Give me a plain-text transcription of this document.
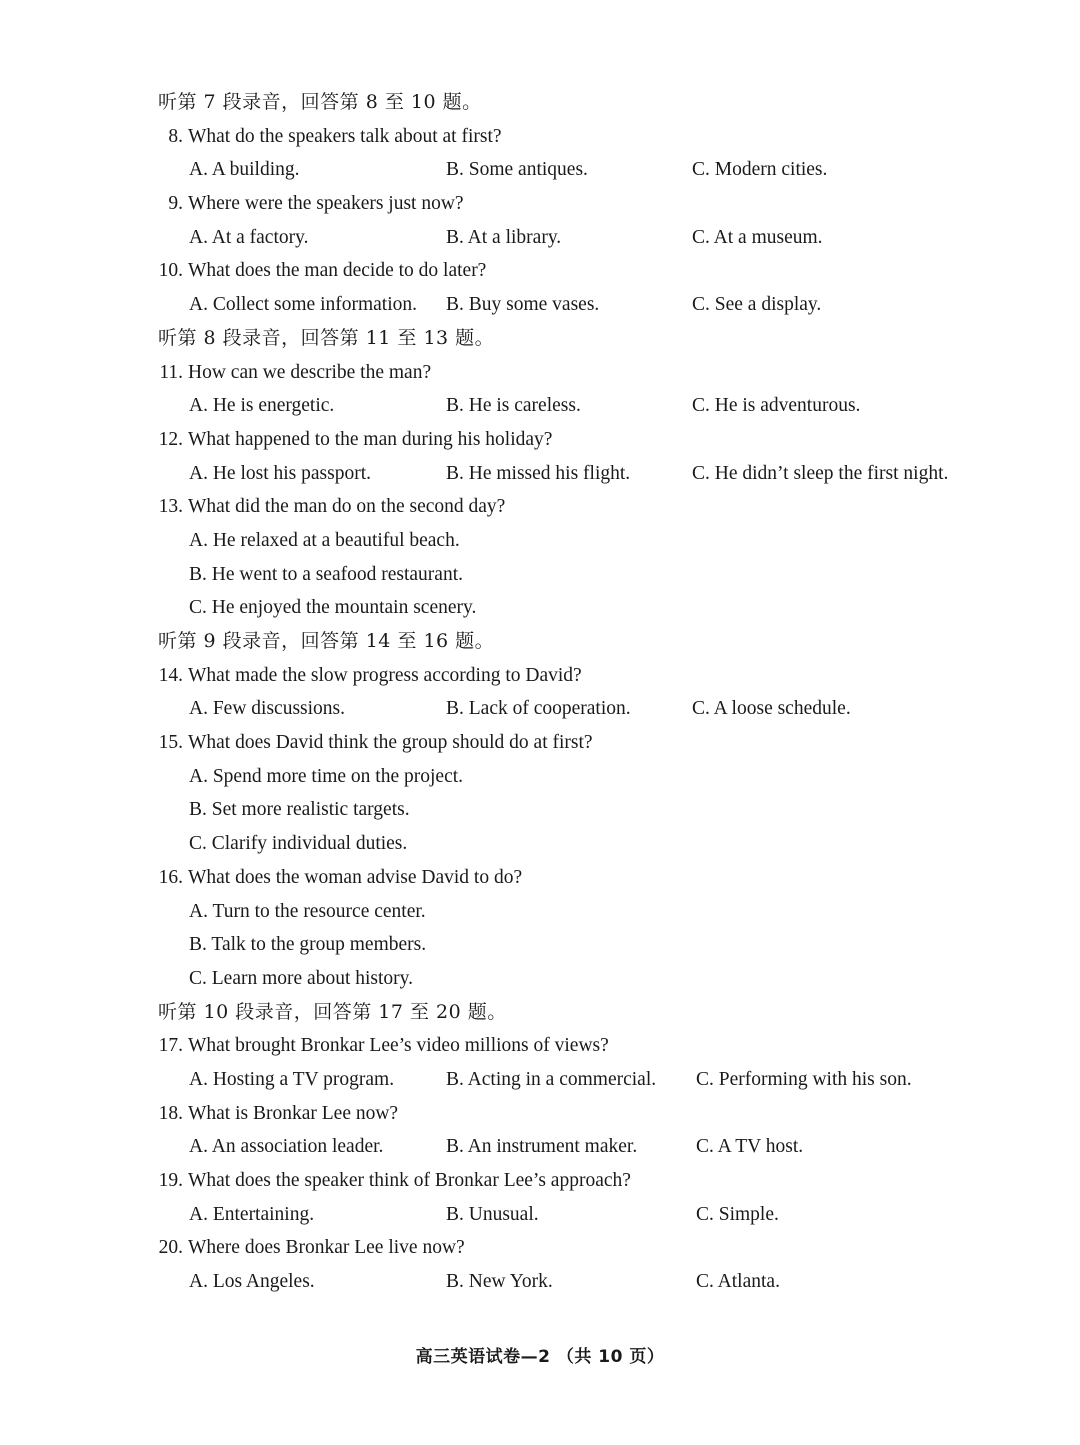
听第 7 段录音，回答第 8 至 10 题。
8. What do the speakers talk about at first?
A. A building.	B. Some antiques.	C. Modern cities.
9. Where were the speakers just now?
A. At a factory.	B. At a library.	C. At a museum.
10. What does the man decide to do later?
A. Collect some information. B. Buy some vases.	C. See a display.
听第 8 段录音，回答第 11 至 13 题。
11. How can we describe the man?
A. He is energetic.	B. He is careless.	C. He is adventurous.
12. What happened to the man during his holiday?
A. He lost his passport.	B. He missed his flight.	C. He didn’t sleep the first night.
13. What did the man do on the second day?
A. He relaxed at a beautiful beach.
B. He went to a seafood restaurant.
C. He enjoyed the mountain scenery.
听第 9 段录音，回答第 14 至 16 题。
14. What made the slow progress according to David?
A. Few discussions.	B. Lack of cooperation.	C. A loose schedule.
15. What does David think the group should do at first?
A. Spend more time on the project.
B. Set more realistic targets.
C. Clarify individual duties.
16. What does the woman advise David to do?
A. Turn to the resource center.
B. Talk to the group members.
C. Learn more about history.
听第 10 段录音，回答第 17 至 20 题。
17. What brought Bronkar Lee’s video millions of views?
A. Hosting a TV program.	B. Acting in a commercial. C. Performing with his son.
18. What is Bronkar Lee now?
A. An association leader.	B. An instrument maker.	C. A TV host.
19. What does the speaker think of Bronkar Lee’s approach?
A. Entertaining.	B. Unusual.	C. Simple.
20. Where does Bronkar Lee live now?
A. Los Angeles.	B. New York.	C. Atlanta.
高三英语试卷—2 （共 10 页）
